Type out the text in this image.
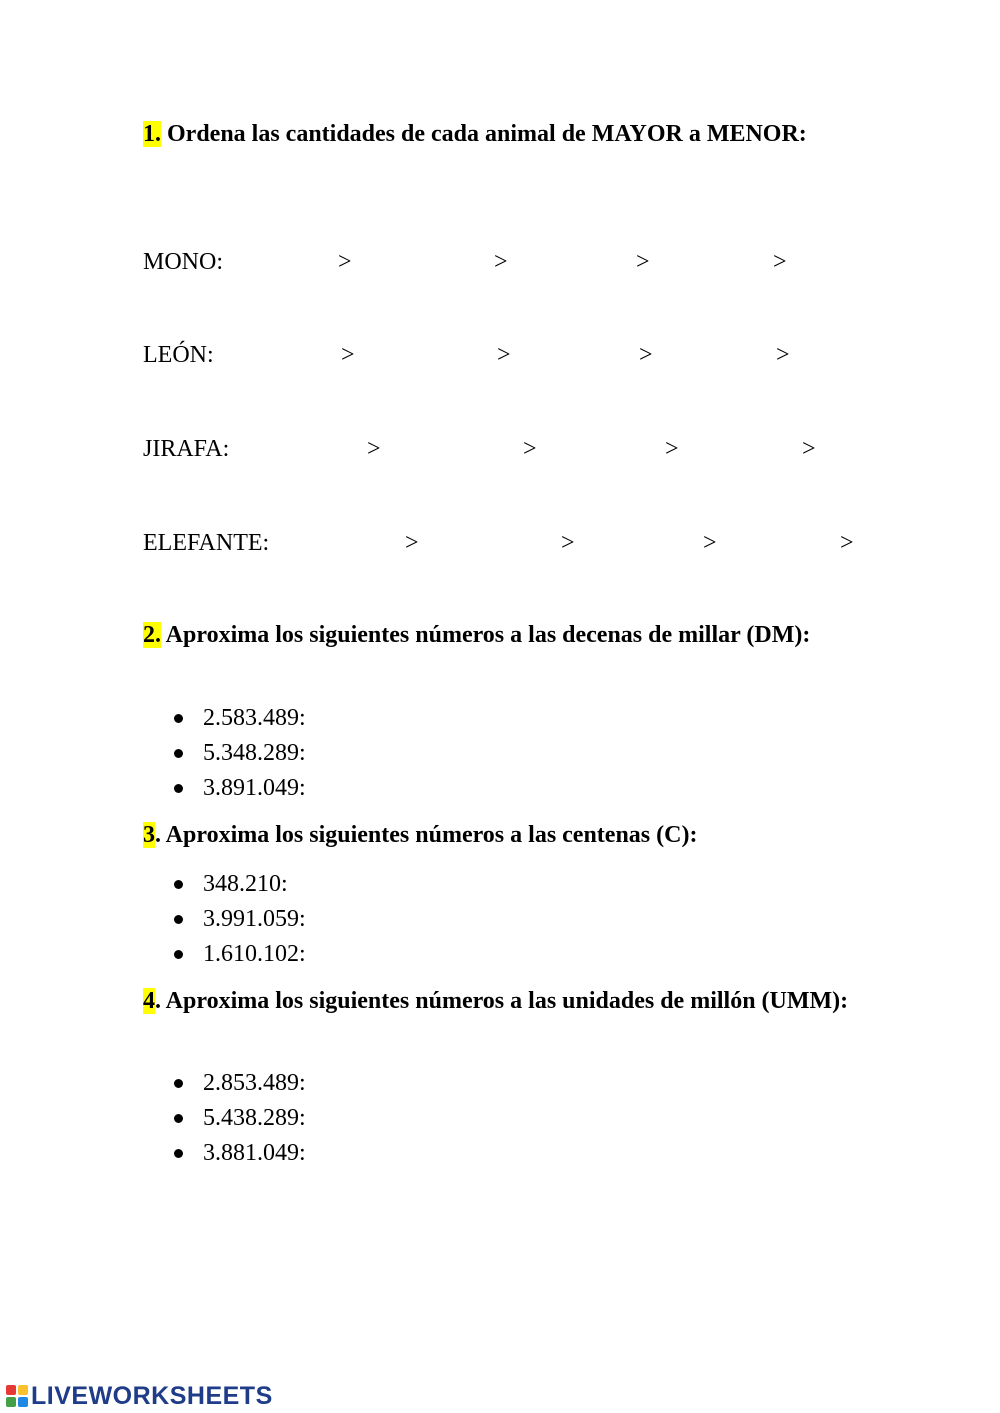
1. Ordena las cantidades de cada animal de MAYOR a MENOR:
MONO:	>	>	>	>
LEÓN:	>	>	>	>
JIRAFA:	>	>	>	>
ELEFANTE:	>	>	>	>
2. Aproxima los siguientes números a las decenas de millar (DM):
2.583.489:
5.348.289:
3.891.049:
3. Aproxima los siguientes números a las centenas (C):
348.210:
3.991.059:
1.610.102:
4. Aproxima los siguientes números a las unidades de millón (UMM):
2.853.489:
5.438.289:
3.881.049:
LIVEWORKSHEETS
